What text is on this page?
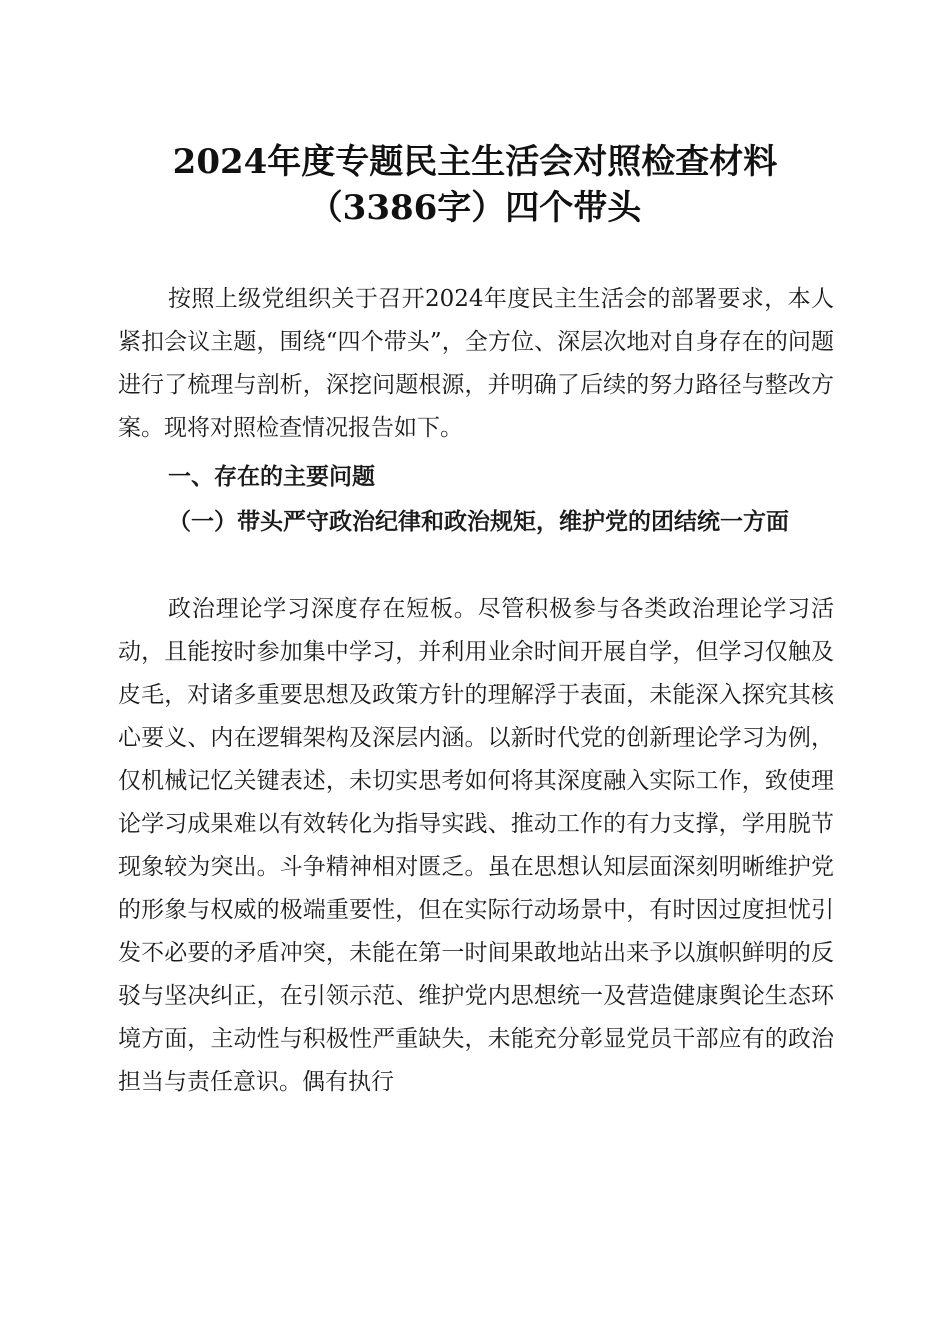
2024年度专题民主生活会对照检查材料
（3386字）四个带头

按照上级党组织关于召开2024年度民主生活会的部署要求，本人紧扣会议主题，围绕“四个带头”，全方位、深层次地对自身存在的问题进行了梳理与剖析，深挖问题根源，并明确了后续的努力路径与整改方案。现将对照检查情况报告如下。

一、存在的主要问题
（一）带头严守政治纪律和政治规矩，维护党的团结统一方面

政治理论学习深度存在短板。尽管积极参与各类政治理论学习活动，且能按时参加集中学习，并利用业余时间开展自学，但学习仅触及皮毛，对诸多重要思想及政策方针的理解浮于表面，未能深入探究其核心要义、内在逻辑架构及深层内涵。以新时代党的创新理论学习为例，仅机械记忆关键表述，未切实思考如何将其深度融入实际工作，致使理论学习成果难以有效转化为指导实践、推动工作的有力支撑，学用脱节现象较为突出。斗争精神相对匮乏。虽在思想认知层面深刻明晰维护党的形象与权威的极端重要性，但在实际行动场景中，有时因过度担忧引发不必要的矛盾冲突，未能在第一时间果敢地站出来予以旗帜鲜明的反驳与坚决纠正，在引领示范、维护党内思想统一及营造健康舆论生态环境方面，主动性与积极性严重缺失，未能充分彰显党员干部应有的政治担当与责任意识。偶有执行
